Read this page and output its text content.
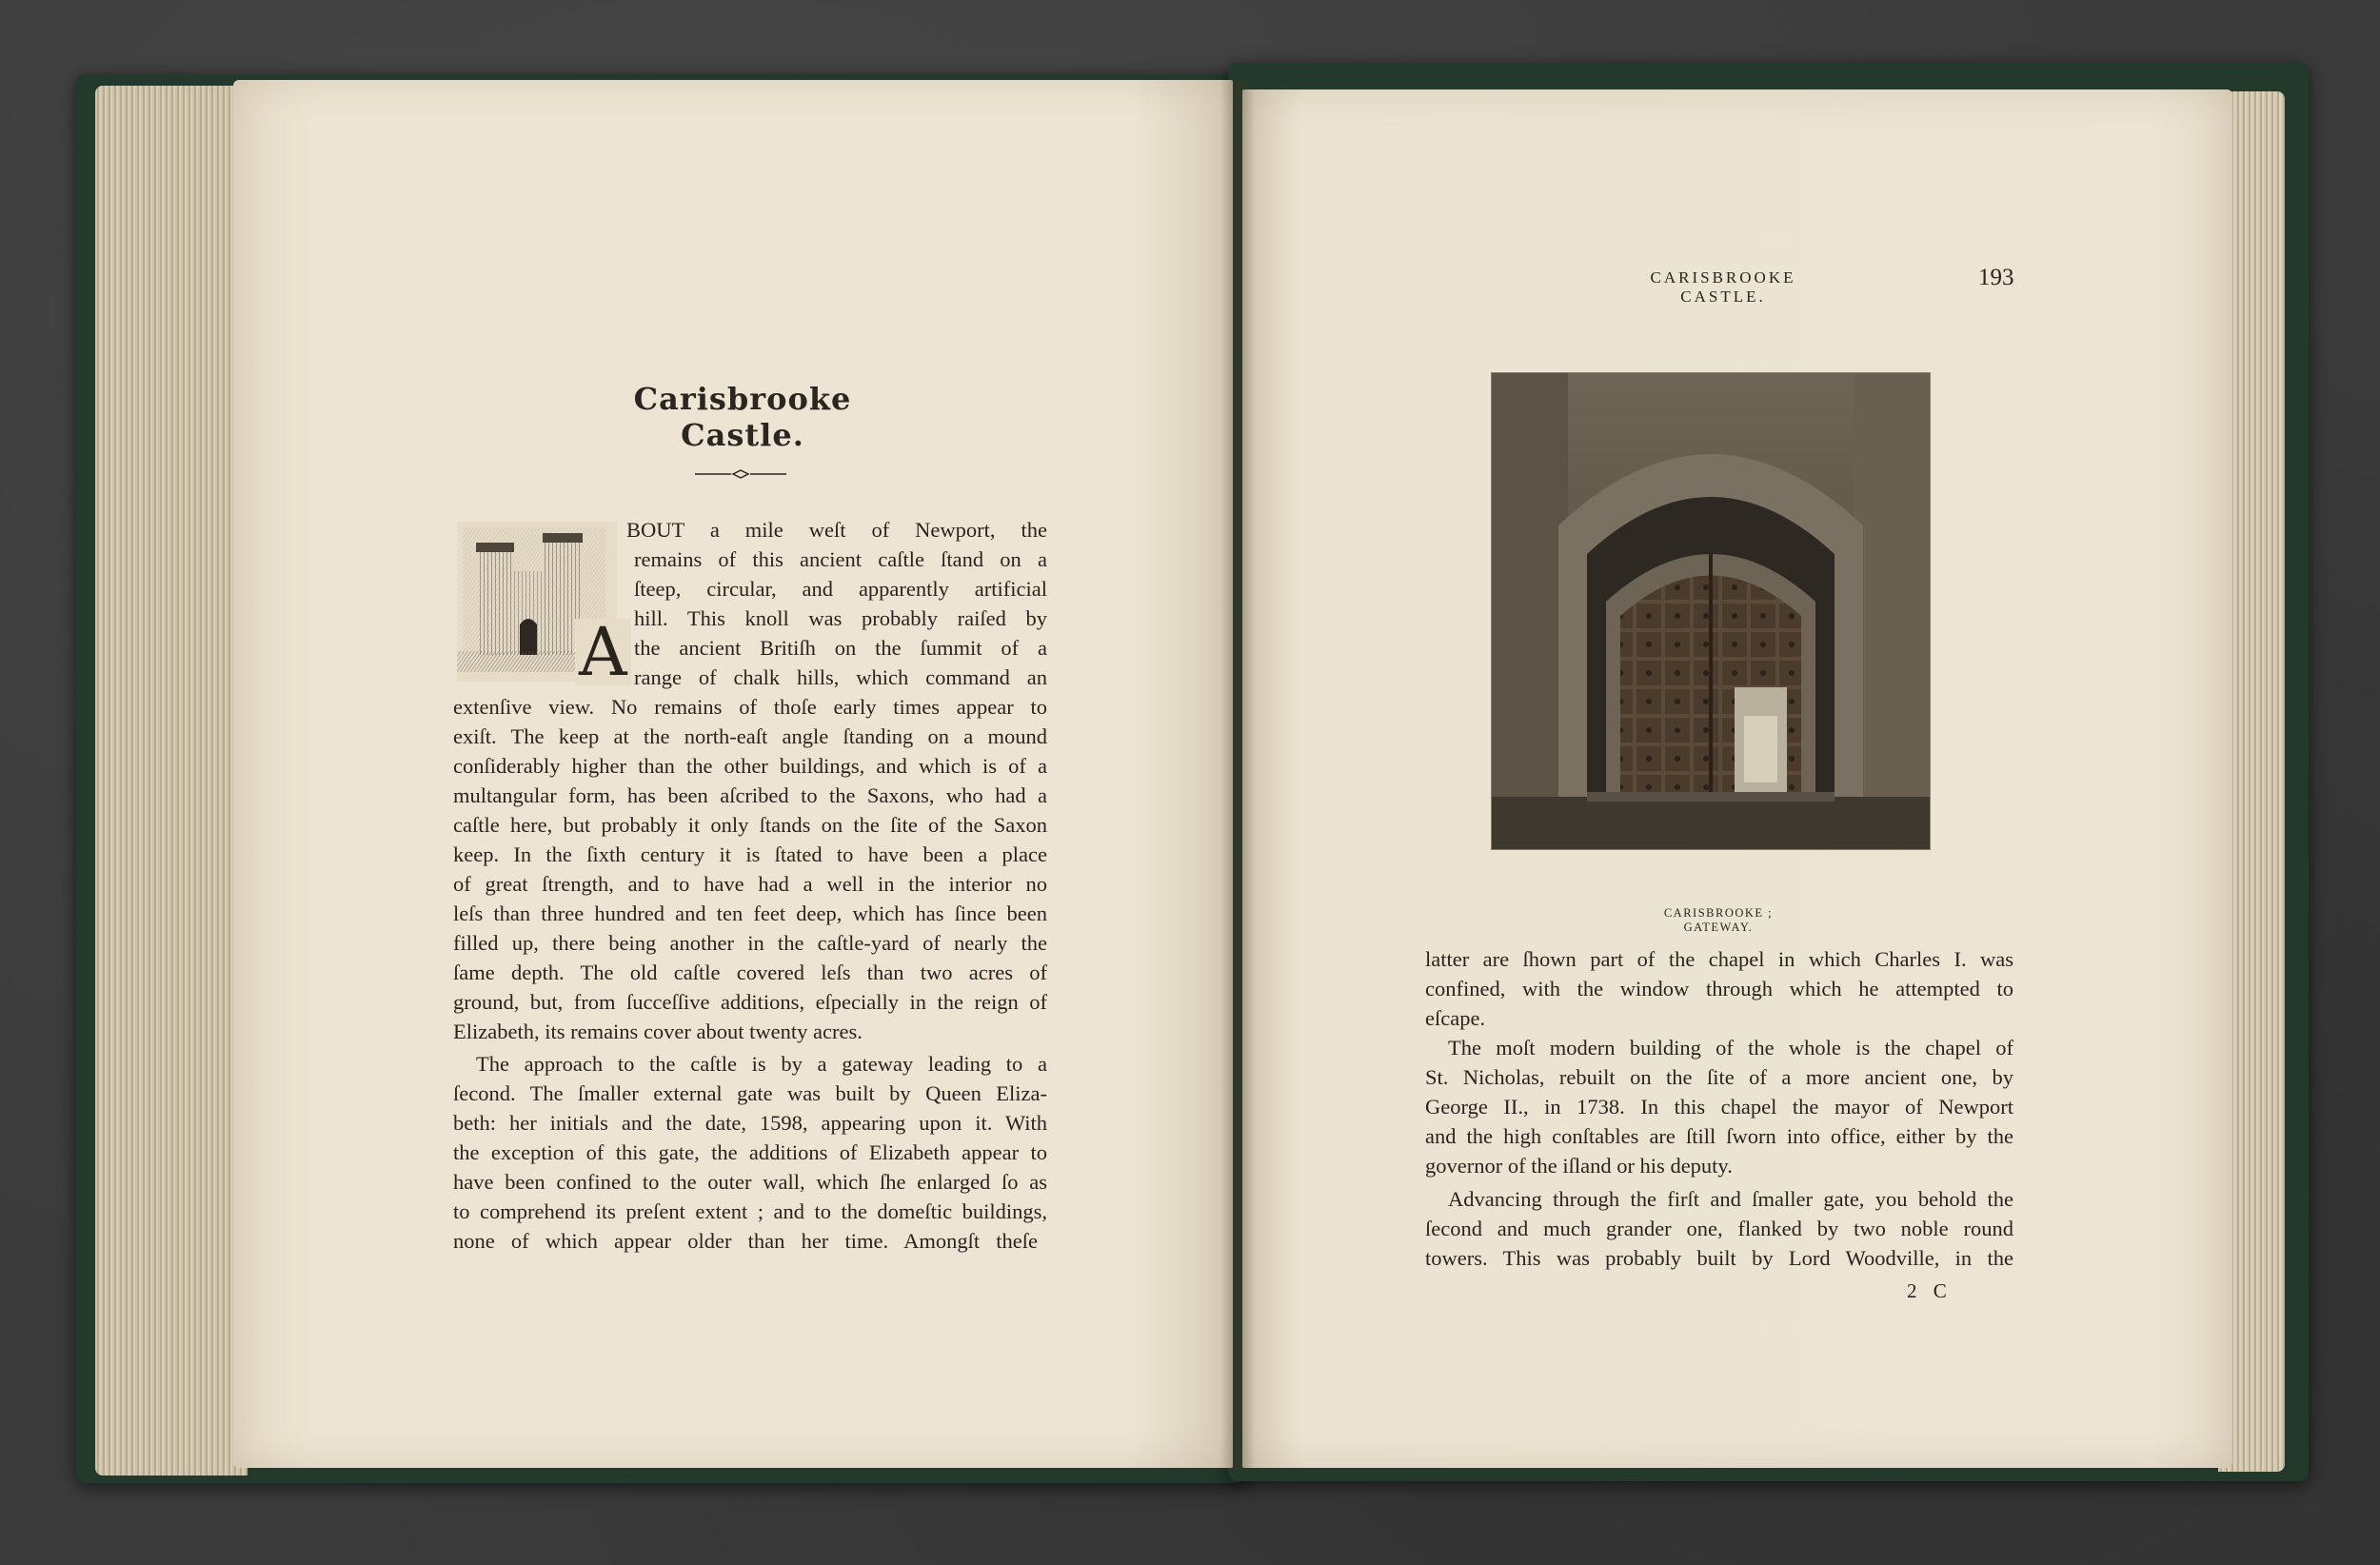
Carisbrooke Castle.
A
BOUT a mile weſt of Newport, the
remains of this ancient caſtle ſtand on a
ſteep, circular, and apparently artificial
hill. This knoll was probably raiſed by
the ancient Britiſh on the ſummit of a
range of chalk hills, which command an
extenſive view. No remains of thoſe early times appear to
exiſt. The keep at the north-eaſt angle ſtanding on a mound
conſiderably higher than the other buildings, and which is of a
multangular form, has been aſcribed to the Saxons, who had a
caſtle here, but probably it only ſtands on the ſite of the Saxon
keep. In the ſixth century it is ſtated to have been a place
of great ſtrength, and to have had a well in the interior no
leſs than three hundred and ten feet deep, which has ſince been
filled up, there being another in the caſtle-yard of nearly the
ſame depth. The old caſtle covered leſs than two acres of
ground, but, from ſucceſſive additions, eſpecially in the reign of
Elizabeth, its remains cover about twenty acres.
The approach to the caſtle is by a gateway leading to a
ſecond. The ſmaller external gate was built by Queen Eliza-
beth: her initials and the date, 1598, appearing upon it. With
the exception of this gate, the additions of Elizabeth appear to
have been confined to the outer wall, which ſhe enlarged ſo as
to comprehend its preſent extent ; and to the domeſtic buildings,
none of which appear older than her time. Amongſt theſe
CARISBROOKE CASTLE.
193
CARISBROOKE ; GATEWAY.
latter are ſhown part of the chapel in which Charles I. was
confined, with the window through which he attempted to
eſcape.
The moſt modern building of the whole is the chapel of
St. Nicholas, rebuilt on the ſite of a more ancient one, by
George II., in 1738. In this chapel the mayor of Newport
and the high conſtables are ſtill ſworn into office, either by the
governor of the iſland or his deputy.
Advancing through the firſt and ſmaller gate, you behold the
ſecond and much grander one, flanked by two noble round
towers. This was probably built by Lord Woodville, in the
2 C
